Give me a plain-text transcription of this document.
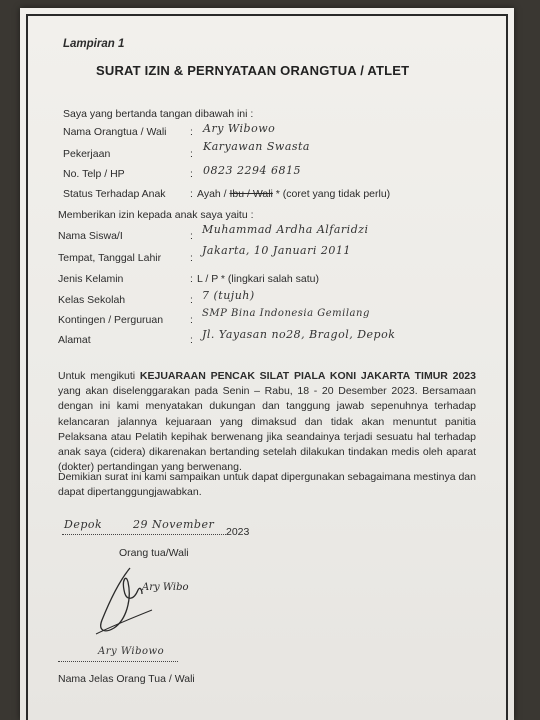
Lampiran 1
SURAT IZIN & PERNYATAAN ORANGTUA / ATLET
Saya yang bertanda tangan dibawah ini :
Nama Orangtua / Wali : Ary Wibowo
Pekerjaan	:
Karyawan Swasta
No. Telp / HP	: 0823 2294 6815
Status Terhadap Anak : Ayah / Ibu / Wali * (coret yang tidak perlu)
Memberikan izin kepada anak saya yaitu :
Nama Siswa/I	: Muhammad Ardha Alfaridzi
Tempat, Tanggal Lahir	:
Jakarta, 10 Januari 2011
Jenis Kelamin	: L / P * (lingkari salah satu)
Kelas Sekolah	: 7 (tujuh)
Kontingen / Perguruan	:
SMP Bina Indonesia Gemilang
Alamat	: Jl. Yayasan no28, Bragol, Depok
Untuk mengikuti KEJUARAAN PENCAK SILAT PIALA KONI JAKARTA TIMUR 2023 yang akan diselenggarakan pada Senin – Rabu, 18 - 20 Desember 2023. Bersamaan dengan ini kami menyatakan dukungan dan tanggung jawab sepenuhnya terhadap kelancaran jalannya kejuaraan yang dimaksud dan tidak akan menuntut panitia Pelaksana atau Pelatih kepihak berwenang jika seandainya terjadi sesuatu hal terhadap anak saya (cidera) dikarenakan bertanding setelah dilakukan tindakan medis oleh aparat (dokter) pertandingan yang berwenang.
Demikian surat ini kami sampaikan untuk dapat dipergunakan sebagaimana mestinya dan dapat dipertanggungjawabkan.
Depok	29 November
2023
Orang tua/Wali
Ary Wibo
Ary Wibowo
Nama Jelas Orang Tua / Wali
